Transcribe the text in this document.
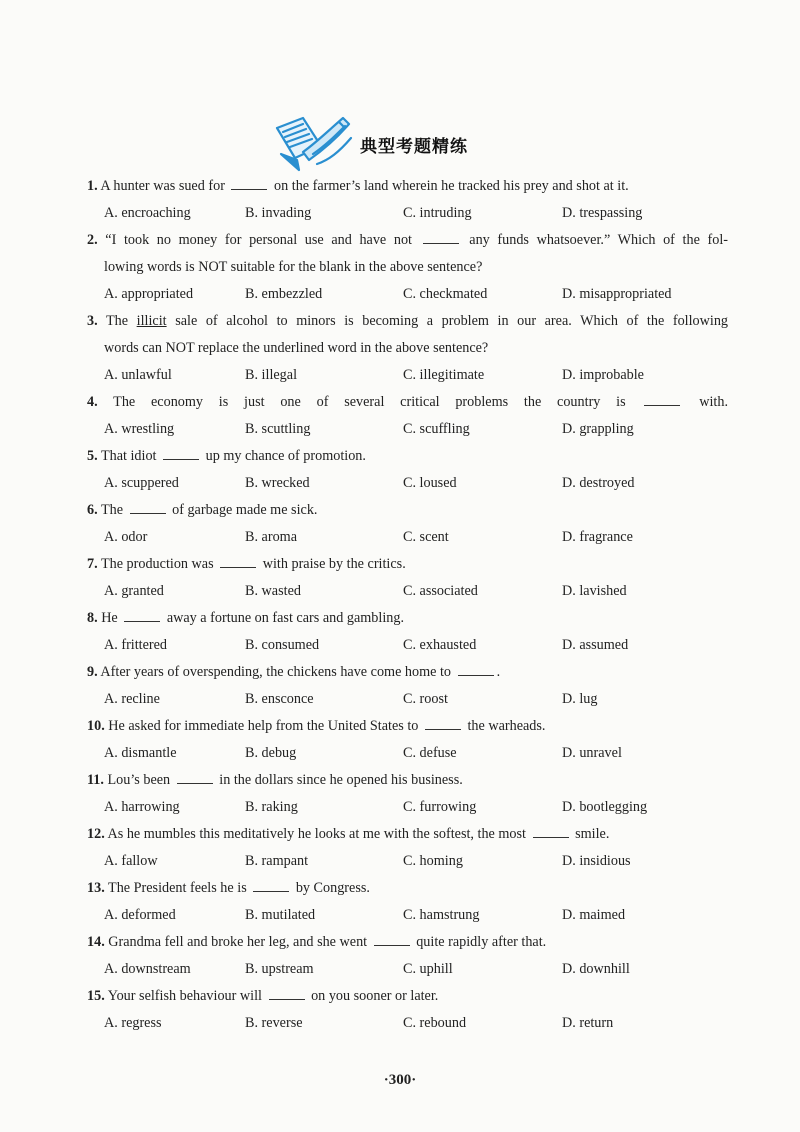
典型考题精练
1. A hunter was sued for	on the farmer’s land wherein he tracked his prey and shot at it.
A. encroaching	B. invading	C. intruding	D. trespassing
2. “I took no money for personal use and have not	any funds whatsoever.” Which of the fol-
lowing words is NOT suitable for the blank in the above sentence?
A. appropriated	B. embezzled	C. checkmated	D. misappropriated
3. The illicit sale of alcohol to minors is becoming a problem in our area. Which of the following
words can NOT replace the underlined word in the above sentence?
A. unlawful	B. illegal	C. illegitimate	D. improbable
4. The economy is just one of several critical problems the country is	with.
A. wrestling	B. scuttling	C. scuffling	D. grappling
5. That idiot	up my chance of promotion.
A. scuppered	B. wrecked	C. loused	D. destroyed
6. The	of garbage made me sick.
A. odor	B. aroma	C. scent	D. fragrance
7. The production was	with praise by the critics.
A. granted	B. wasted	C. associated	D. lavished
8. He	away a fortune on fast cars and gambling.
A. frittered	B. consumed	C. exhausted	D. assumed
9. After years of overspending, the chickens have come home to	.
A. recline	B. ensconce	C. roost	D. lug
10. He asked for immediate help from the United States to	the warheads.
A. dismantle	B. debug	C. defuse	D. unravel
11. Lou’s been	in the dollars since he opened his business.
A. harrowing	B. raking	C. furrowing	D. bootlegging
12. As he mumbles this meditatively he looks at me with the softest, the most	smile.
A. fallow	B. rampant	C. homing	D. insidious
13. The President feels he is	by Congress.
A. deformed	B. mutilated	C. hamstrung	D. maimed
14. Grandma fell and broke her leg, and she went	quite rapidly after that.
A. downstream	B. upstream	C. uphill	D. downhill
15. Your selfish behaviour will	on you sooner or later.
A. regress	B. reverse	C. rebound	D. return
·300·
